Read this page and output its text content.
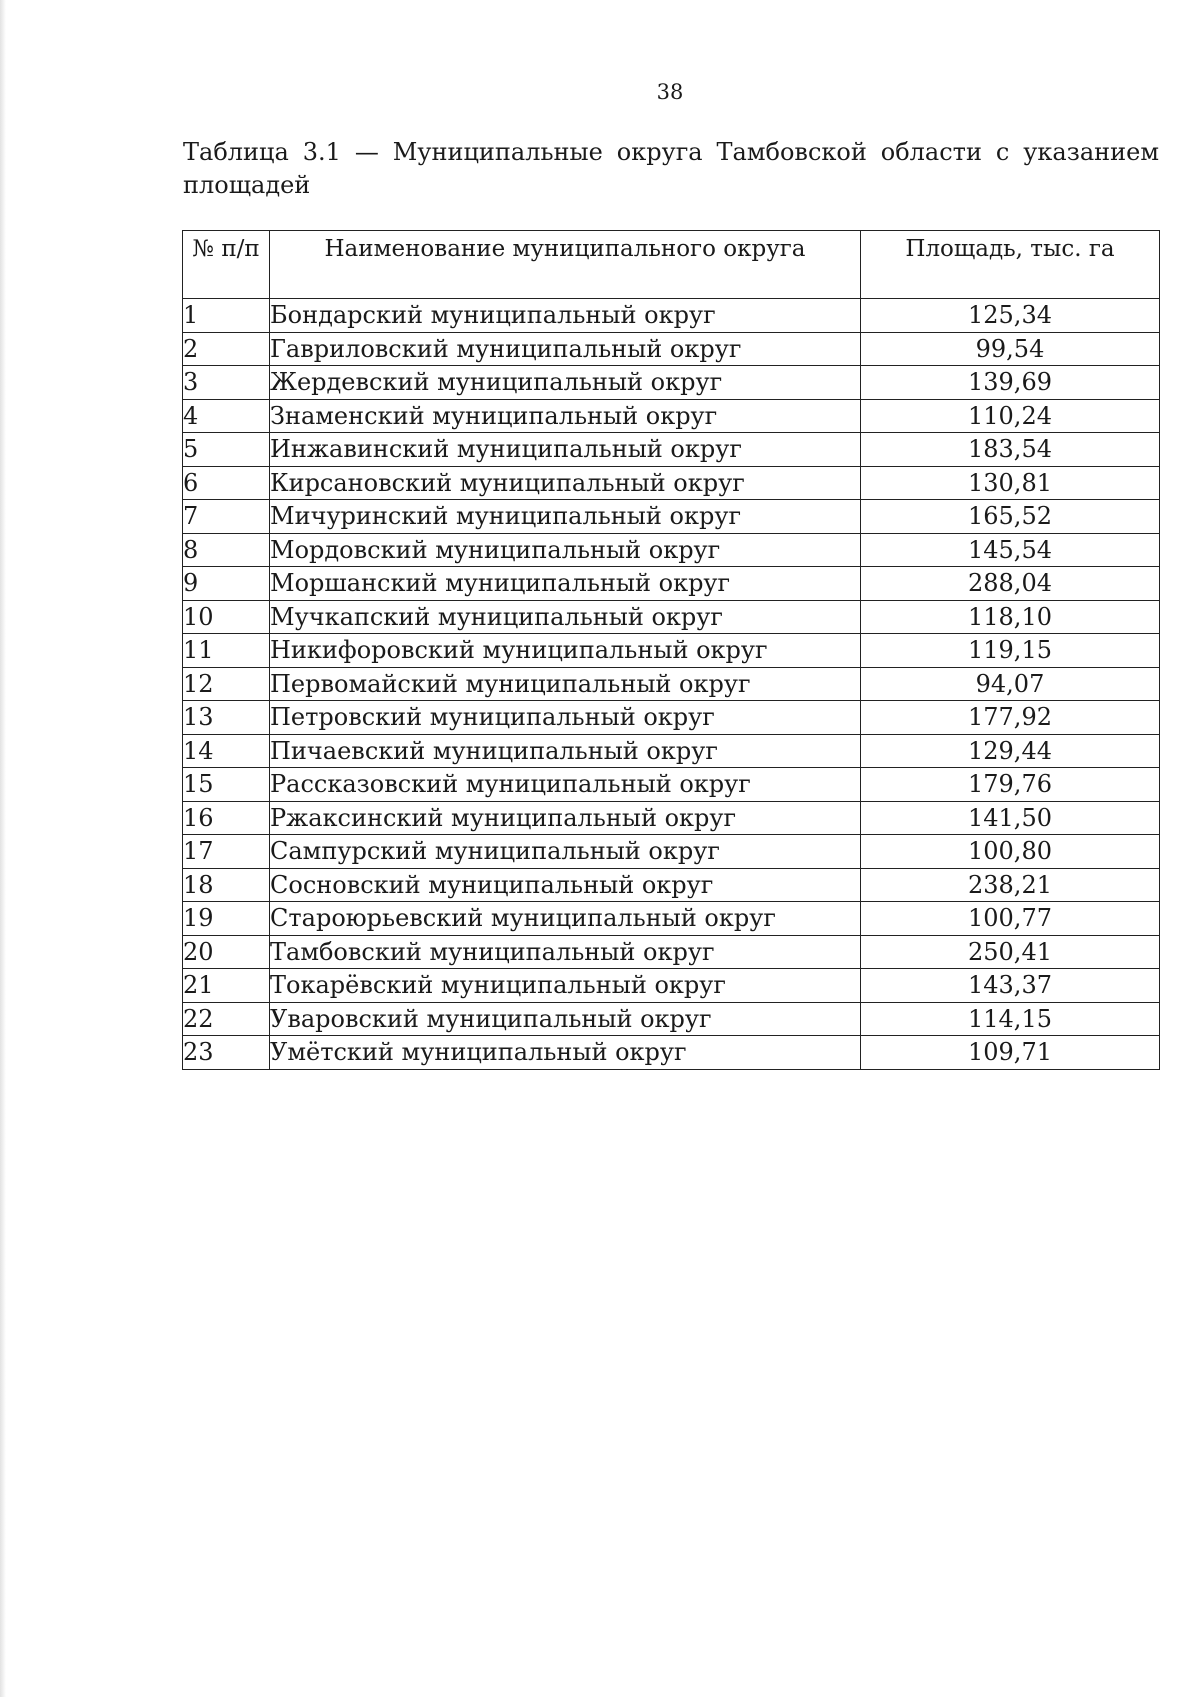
38
Таблица 3.1 — Муниципальные округа Тамбовской области с указанием площадей
№ п/п	Наименование муниципального округа	Площадь, тыс. га
1	Бондарский муниципальный округ	125,34
2	Гавриловский муниципальный округ	99,54
3	Жердевский муниципальный округ	139,69
4	Знаменский муниципальный округ	110,24
5	Инжавинский муниципальный округ	183,54
6	Кирсановский муниципальный округ	130,81
7	Мичуринский муниципальный округ	165,52
8	Мордовский муниципальный округ	145,54
9	Моршанский муниципальный округ	288,04
10	Мучкапский муниципальный округ	118,10
11	Никифоровский муниципальный округ	119,15
12	Первомайский муниципальный округ	94,07
13	Петровский муниципальный округ	177,92
14	Пичаевский муниципальный округ	129,44
15	Рассказовский муниципальный округ	179,76
16	Ржаксинский муниципальный округ	141,50
17	Сампурский муниципальный округ	100,80
18	Сосновский муниципальный округ	238,21
19	Староюрьевский муниципальный округ	100,77
20	Тамбовский муниципальный округ	250,41
21	Токарёвский муниципальный округ	143,37
22	Уваровский муниципальный округ	114,15
23	Умётский муниципальный округ	109,71
